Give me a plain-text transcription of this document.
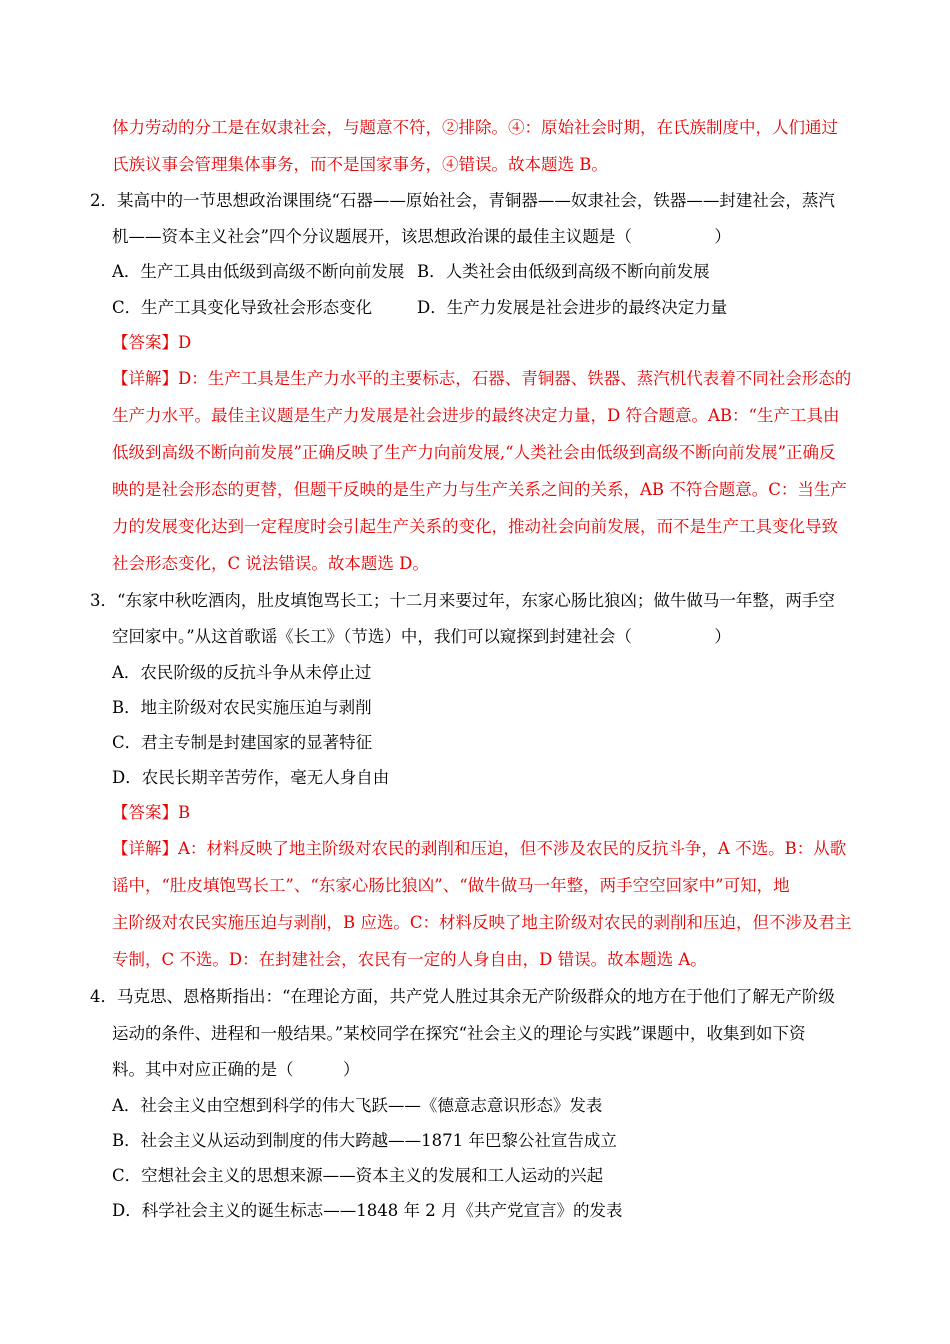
体力劳动的分工是在奴隶社会，与题意不符，②排除。④：原始社会时期，在氏族制度中，人们通过
氏族议事会管理集体事务，而不是国家事务，④错误。故本题选 B。
2．某高中的一节思想政治课围绕“石器——原始社会，青铜器——奴隶社会，铁器——封建社会，蒸汽
机——资本主义社会”四个分议题展开，该思想政治课的最佳主议题是（　　　　　）
A．生产工具由低级到高级不断向前发展 B．人类社会由低级到高级不断向前发展
C．生产工具变化导致社会形态变化	D．生产力发展是社会进步的最终决定力量
【答案】D
【详解】D：生产工具是生产力水平的主要标志，石器、青铜器、铁器、蒸汽机代表着不同社会形态的
生产力水平。最佳主议题是生产力发展是社会进步的最终决定力量，D 符合题意。AB：“生产工具由
低级到高级不断向前发展”正确反映了生产力向前发展,“人类社会由低级到高级不断向前发展”正确反
映的是社会形态的更替，但题干反映的是生产力与生产关系之间的关系，AB 不符合题意。C：当生产
力的发展变化达到一定程度时会引起生产关系的变化，推动社会向前发展，而不是生产工具变化导致
社会形态变化，C 说法错误。故本题选 D。
3．“东家中秋吃酒肉，肚皮填饱骂长工；十二月来要过年，东家心肠比狼凶；做牛做马一年整，两手空
空回家中。”从这首歌谣《长工》（节选）中，我们可以窥探到封建社会（　　　　　）
A．农民阶级的反抗斗争从未停止过
B．地主阶级对农民实施压迫与剥削
C．君主专制是封建国家的显著特征
D．农民长期辛苦劳作，毫无人身自由
【答案】B
【详解】A：材料反映了地主阶级对农民的剥削和压迫，但不涉及农民的反抗斗争，A 不选。B：从歌
谣中，“肚皮填饱骂长工”、“东家心肠比狼凶”、“做牛做马一年整，两手空空回家中”可知，地
主阶级对农民实施压迫与剥削，B 应选。C：材料反映了地主阶级对农民的剥削和压迫，但不涉及君主
专制，C 不选。D：在封建社会，农民有一定的人身自由，D 错误。故本题选 A。
4．马克思、恩格斯指出：“在理论方面，共产党人胜过其余无产阶级群众的地方在于他们了解无产阶级
运动的条件、进程和一般结果。”某校同学在探究“社会主义的理论与实践”课题中，收集到如下资
料。其中对应正确的是（　　　）
A．社会主义由空想到科学的伟大飞跃——《德意志意识形态》发表
B．社会主义从运动到制度的伟大跨越——1871 年巴黎公社宣告成立
C．空想社会主义的思想来源——资本主义的发展和工人运动的兴起
D．科学社会主义的诞生标志——1848 年 2 月《共产党宣言》的发表
